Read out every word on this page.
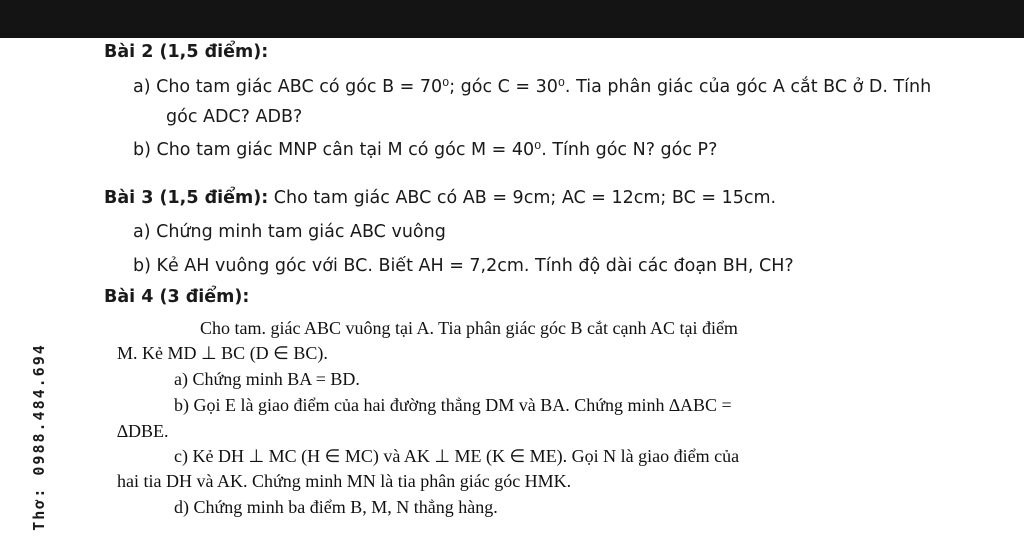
Bài 2 (1,5 điểm):
a) Cho tam giác ABC có góc B = 70⁰; góc C = 30⁰. Tia phân giác của góc A cắt BC ở D. Tính
góc ADC? ADB?
b) Cho tam giác MNP cân tại M có góc M = 40⁰. Tính góc N? góc P?
Bài 3 (1,5 điểm): Cho tam giác ABC có AB = 9cm; AC = 12cm; BC = 15cm.
a) Chứng minh tam giác ABC vuông
b) Kẻ AH vuông góc với BC. Biết AH = 7,2cm. Tính độ dài các đoạn BH, CH?
Bài 4 (3 điểm):
Cho tam. giác ABC vuông tại A. Tia phân giác góc B cắt cạnh AC tại điểm
M. Kẻ MD ⊥ BC (D ∈ BC).
a) Chứng minh BA = BD.
b) Gọi E là giao điểm của hai đường thẳng DM và BA. Chứng minh ∆ABC =
∆DBE.
c) Kẻ DH ⊥ MC (H ∈ MC) và AK ⊥ ME (K ∈ ME). Gọi N là giao điểm của
hai tia DH và AK. Chứng minh MN là tia phân giác góc HMK.
d) Chứng minh ba điểm B, M, N thẳng hàng.
Thơ: 0988.484.694
